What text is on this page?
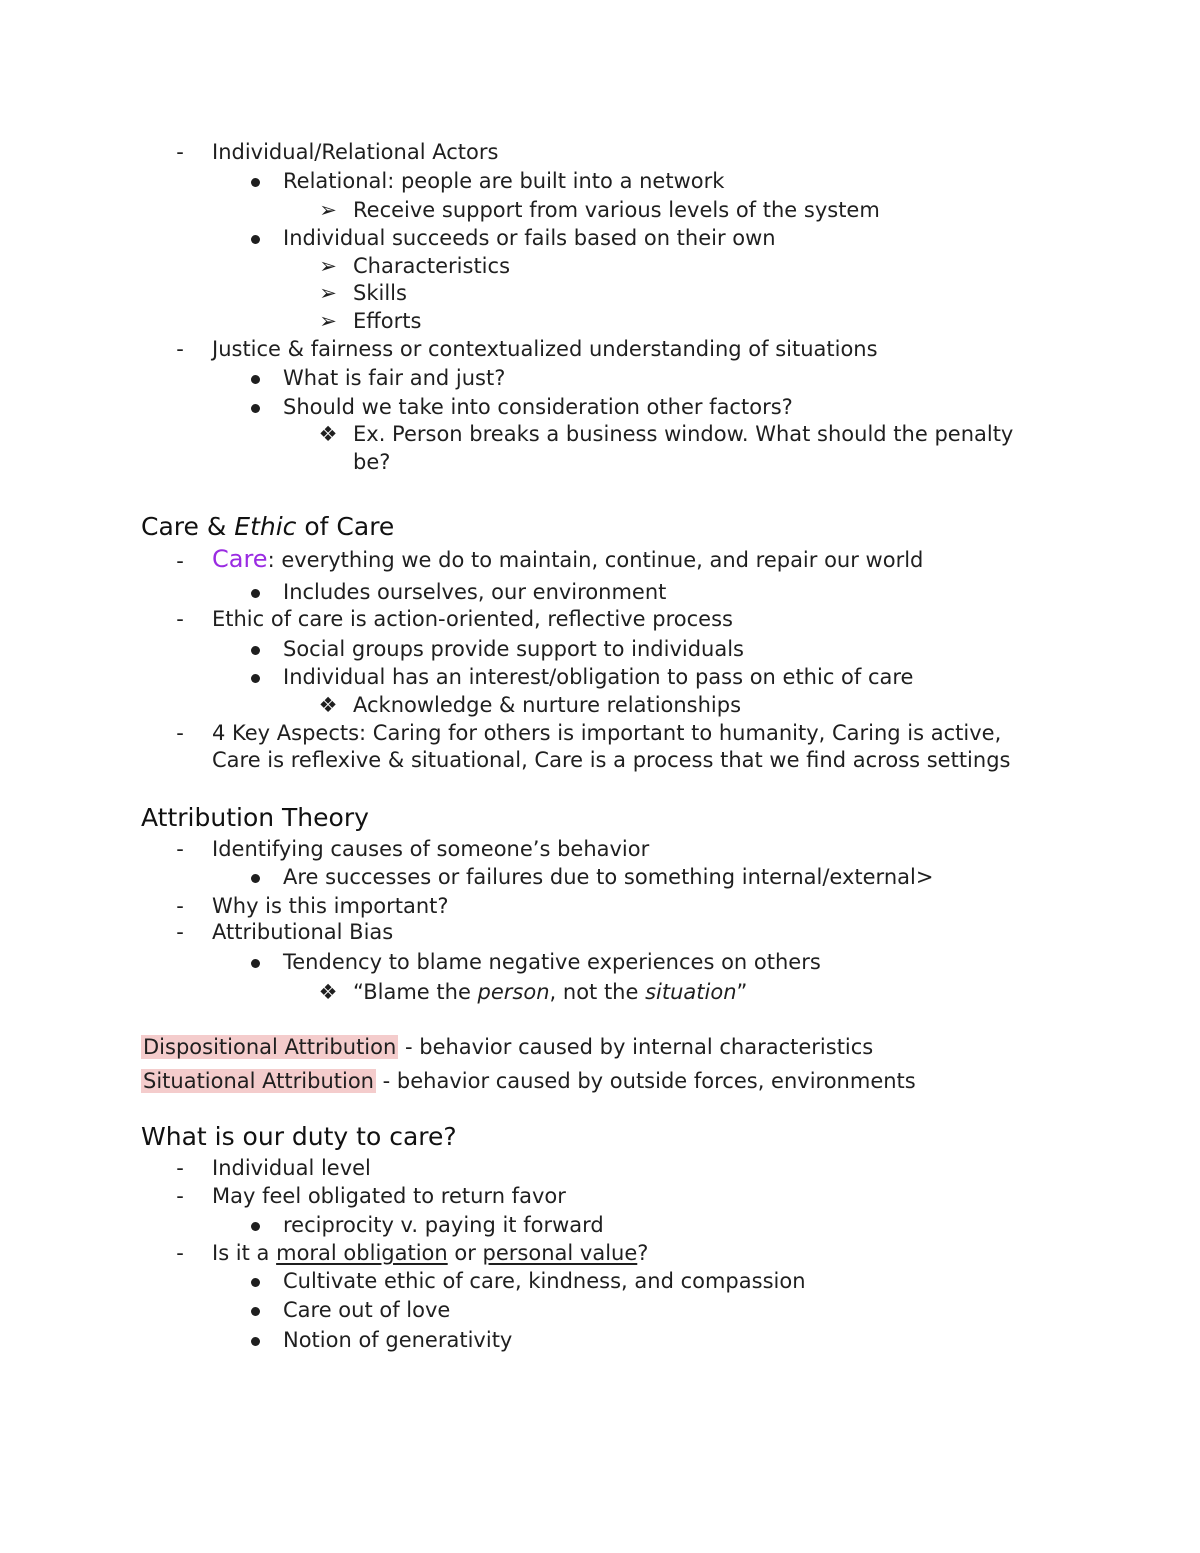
- Individual/Relational Actors
Relational: people are built into a network
➢ Receive support from various levels of the system
Individual succeeds or fails based on their own
➢ Characteristics
➢ Skills
➢ Efforts
- Justice & fairness or contextualized understanding of situations
What is fair and just?
Should we take into consideration other factors?
❖ Ex. Person breaks a business window. What should the penalty
be?
Care & Ethic of Care
- Care: everything we do to maintain, continue, and repair our world
Includes ourselves, our environment
- Ethic of care is action-oriented, reflective process
Social groups provide support to individuals
Individual has an interest/obligation to pass on ethic of care
❖ Acknowledge & nurture relationships
- 4 Key Aspects: Caring for others is important to humanity, Caring is active,
Care is reflexive & situational, Care is a process that we find across settings
Attribution Theory
- Identifying causes of someone’s behavior
Are successes or failures due to something internal/external>
- Why is this important?
- Attributional Bias
Tendency to blame negative experiences on others
❖ “Blame the person, not the situation”
Dispositional Attribution - behavior caused by internal characteristics
Situational Attribution - behavior caused by outside forces, environments
What is our duty to care?
- Individual level
- May feel obligated to return favor
reciprocity v. paying it forward
- Is it a moral obligation or personal value?
Cultivate ethic of care, kindness, and compassion
Care out of love
Notion of generativity
